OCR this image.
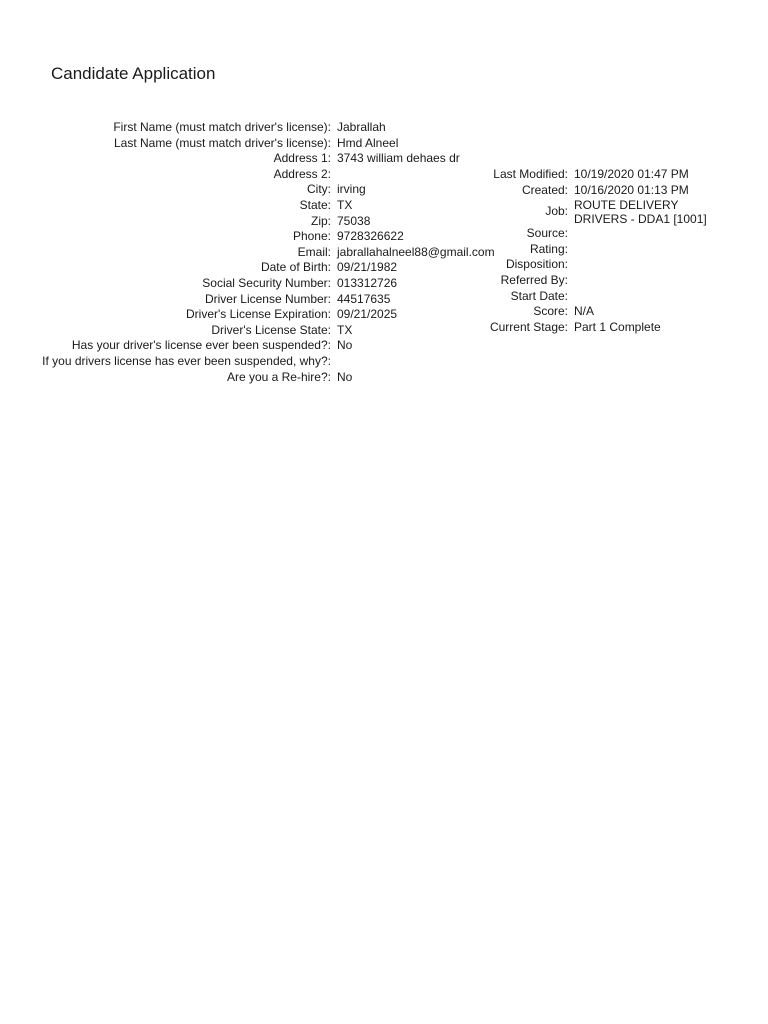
Candidate Application
First Name (must match driver's license):	Jabrallah
Last Name (must match driver's license):	Hmd Alneel
Address 1:	3743 william dehaes dr
Address 2:	
City:	irving
State:	TX
Zip:	75038
Phone:	9728326622
Email:	jabrallahalneel88@gmail.com
Date of Birth:	09/21/1982
Social Security Number:	013312726
Driver License Number:	44517635
Driver's License Expiration:	09/21/2025
Driver's License State:	TX
Has your driver's license ever been suspended?:	No
If you drivers license has ever been suspended, why?:	
Are you a Re-hire?:	No
Last Modified:	10/19/2020 01:47 PM
Created:	10/16/2020 01:13 PM
Job:	ROUTE DELIVERY DRIVERS - DDA1 [1001]
Source:	
Rating:	
Disposition:	
Referred By:	
Start Date:	
Score:	N/A
Current Stage:	Part 1 Complete
